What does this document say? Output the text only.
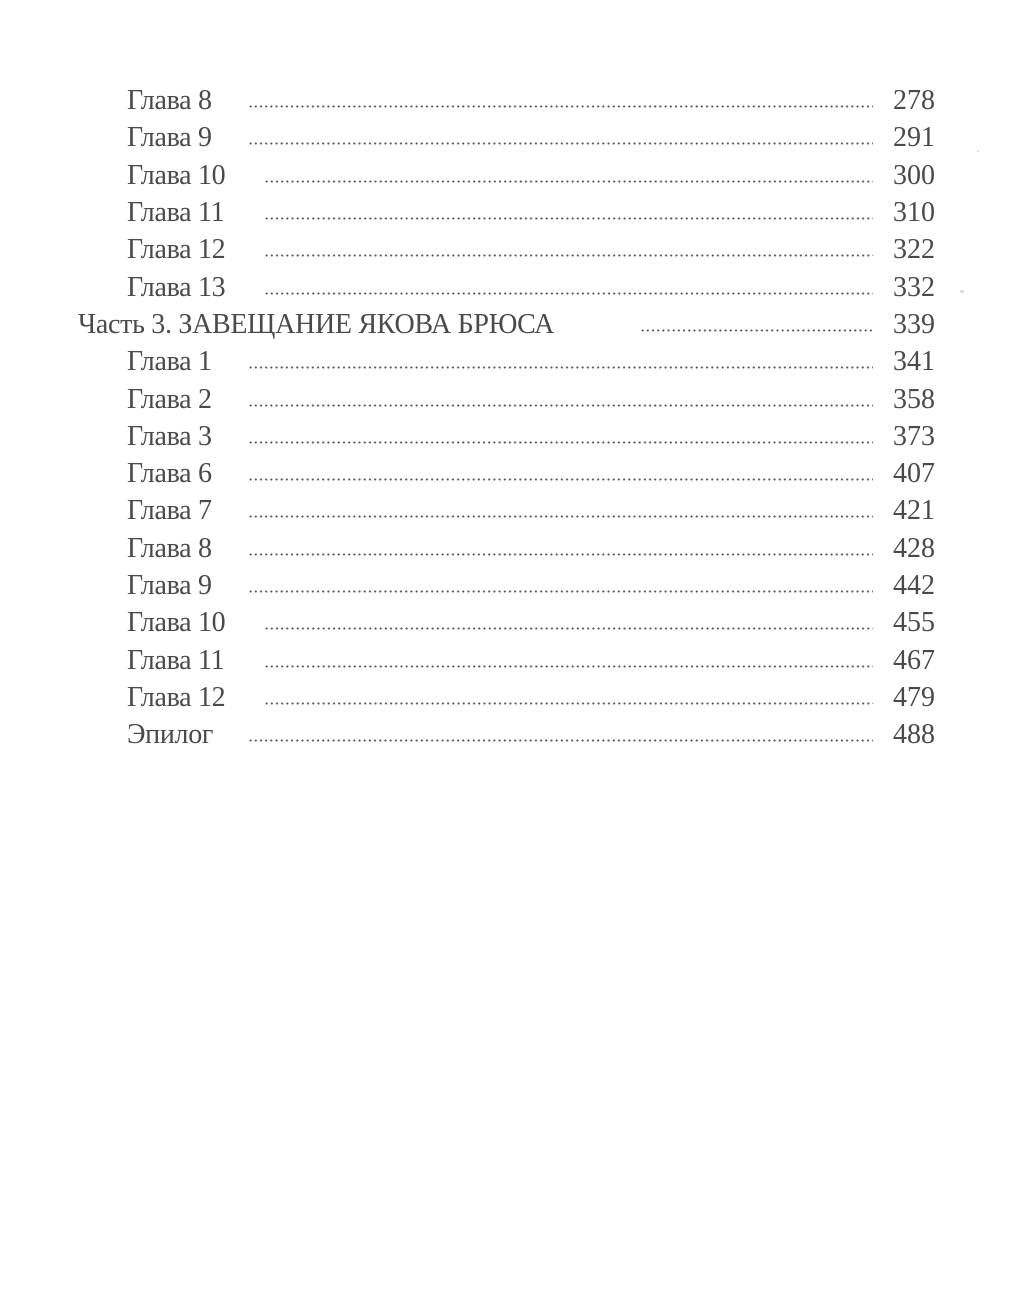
Глава 8	278
Глава 9	291
Глава 10	300
Глава 11	310
Глава 12	322
Глава 13	332
Часть 3. ЗАВЕЩАНИЕ ЯКОВА БРЮСА	339
Глава 1	341
Глава 2	358
Глава 3	373
Глава 6	407
Глава 7	421
Глава 8	428
Глава 9	442
Глава 10	455
Глава 11	467
Глава 12	479
Эпилог	488
